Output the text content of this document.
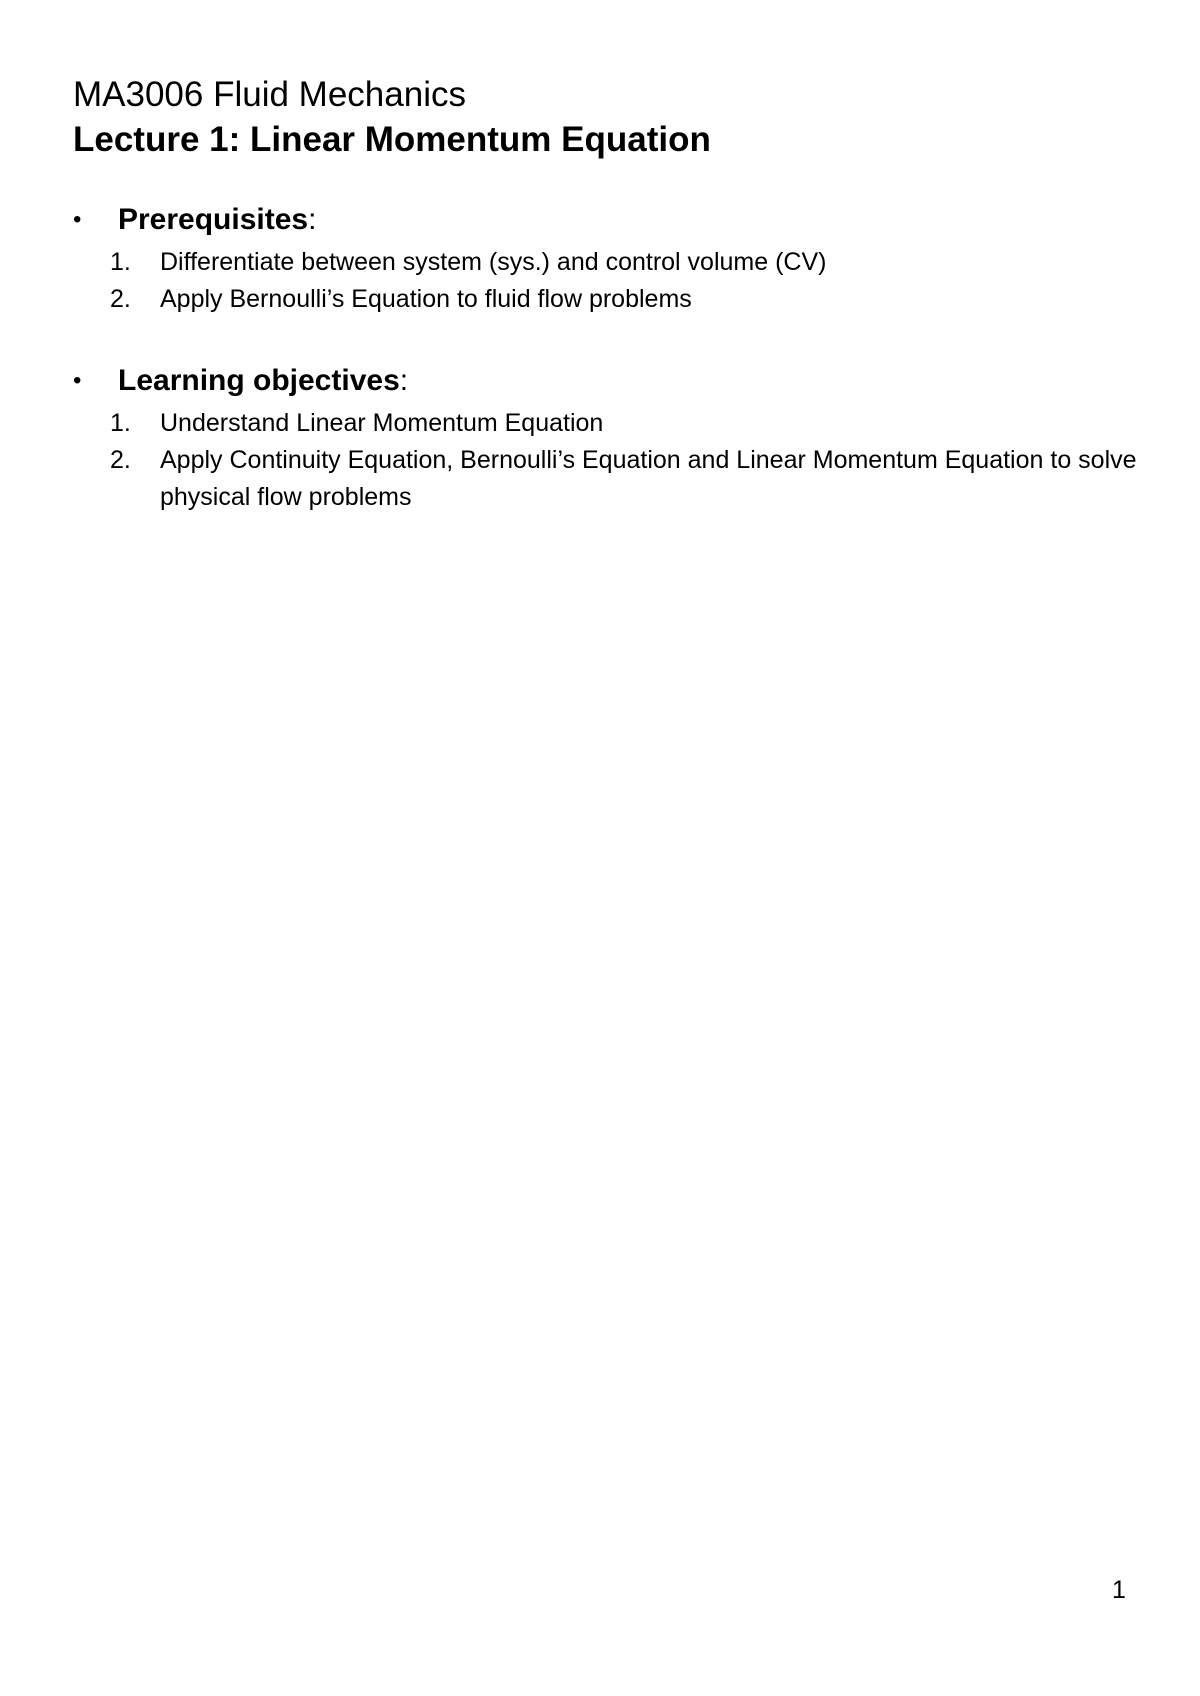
MA3006 Fluid Mechanics
Lecture 1: Linear Momentum Equation
• Prerequisites:
1.	Differentiate between system (sys.) and control volume (CV)
2.	Apply Bernoulli’s Equation to fluid flow problems
• Learning objectives:
1.	Understand Linear Momentum Equation
2.	Apply Continuity Equation, Bernoulli’s Equation and Linear Momentum Equation to solve physical flow problems
1
